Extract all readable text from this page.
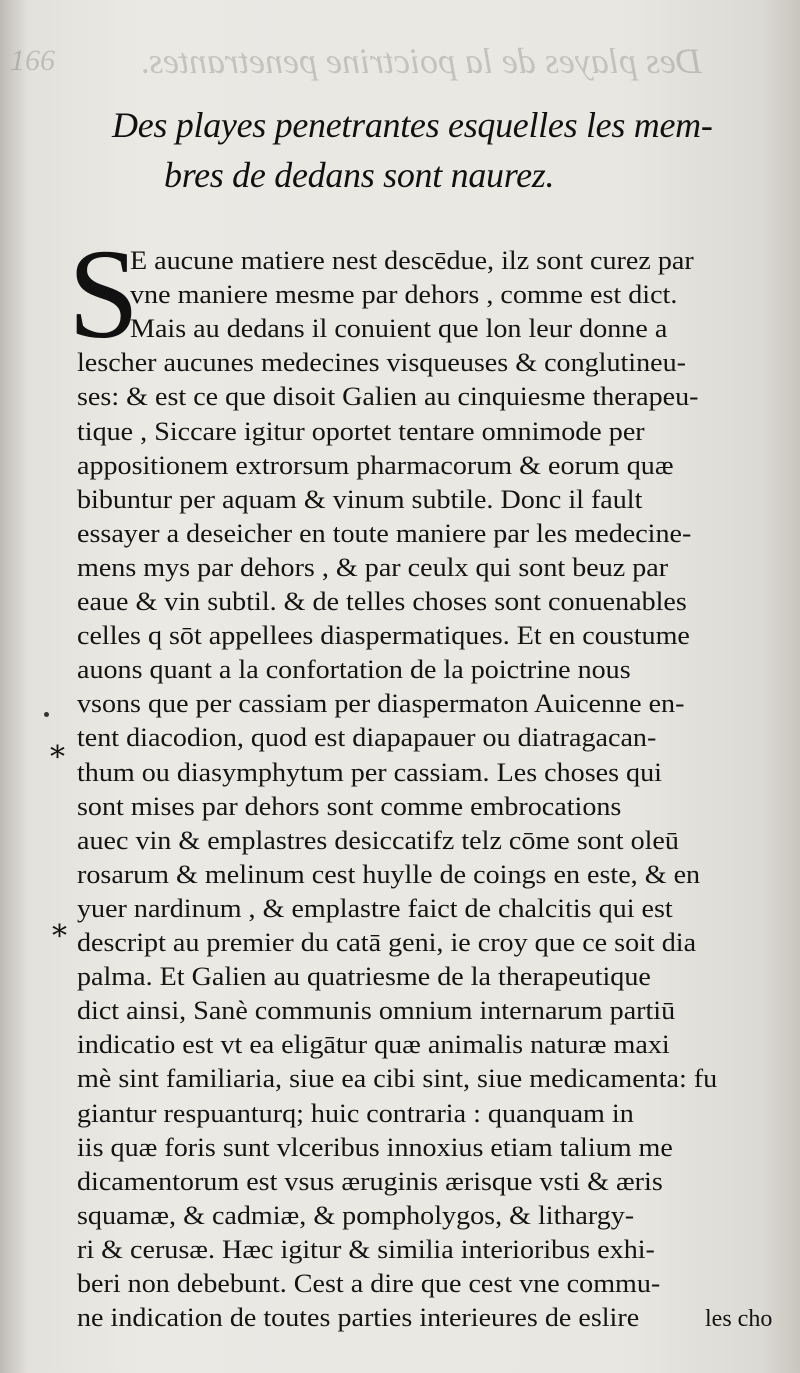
166 Des playes de la poictrine penetrantes.
Des playes penetrantes esquelles les mem-
bres de dedans sont naurez.
S
E aucune matiere nest descēdue, ilz sont curez par
vne maniere mesme par dehors , comme est dict.
Mais au dedans il conuient que lon leur donne a
lescher aucunes medecines visqueuses & conglutineu-
ses: & est ce que disoit Galien au cinquiesme therapeu-
tique , Siccare igitur oportet tentare omnimode per
appositionem extrorsum pharmacorum & eorum quæ
bibuntur per aquam & vinum subtile. Donc il fault
essayer a deseicher en toute maniere par les medecine-
mens mys par dehors , & par ceulx qui sont beuz par
eaue & vin subtil. & de telles choses sont conuenables
celles q sōt appellees diaspermatiques. Et en coustume
auons quant a la confortation de la poictrine nous
vsons que per cassiam per diaspermaton Auicenne en-
tent diacodion, quod est diapapauer ou diatragacan-
thum ou diasymphytum per cassiam. Les choses qui
sont mises par dehors sont comme embrocations
auec vin & emplastres desiccatifz telz cōme sont oleū
rosarum & melinum cest huylle de coings en este, & en
yuer nardinum , & emplastre faict de chalcitis qui est
descript au premier du catā geni, ie croy que ce soit dia
palma. Et Galien au quatriesme de la therapeutique
dict ainsi, Sanè communis omnium internarum partiū
indicatio est vt ea eligātur quæ animalis naturæ maxi
mè sint familiaria, siue ea cibi sint, siue medicamenta: fu
giantur respuanturq; huic contraria : quanquam in
iis quæ foris sunt vlceribus innoxius etiam talium me
dicamentorum est vsus æruginis ærisque vsti & æris
squamæ, & cadmiæ, & pompholygos, & lithargy-
ri & cerusæ. Hæc igitur & similia interioribus exhi-
beri non debebunt. Cest a dire que cest vne commu-
ne indication de toutes parties interieures de eslire
*
*
les cho
